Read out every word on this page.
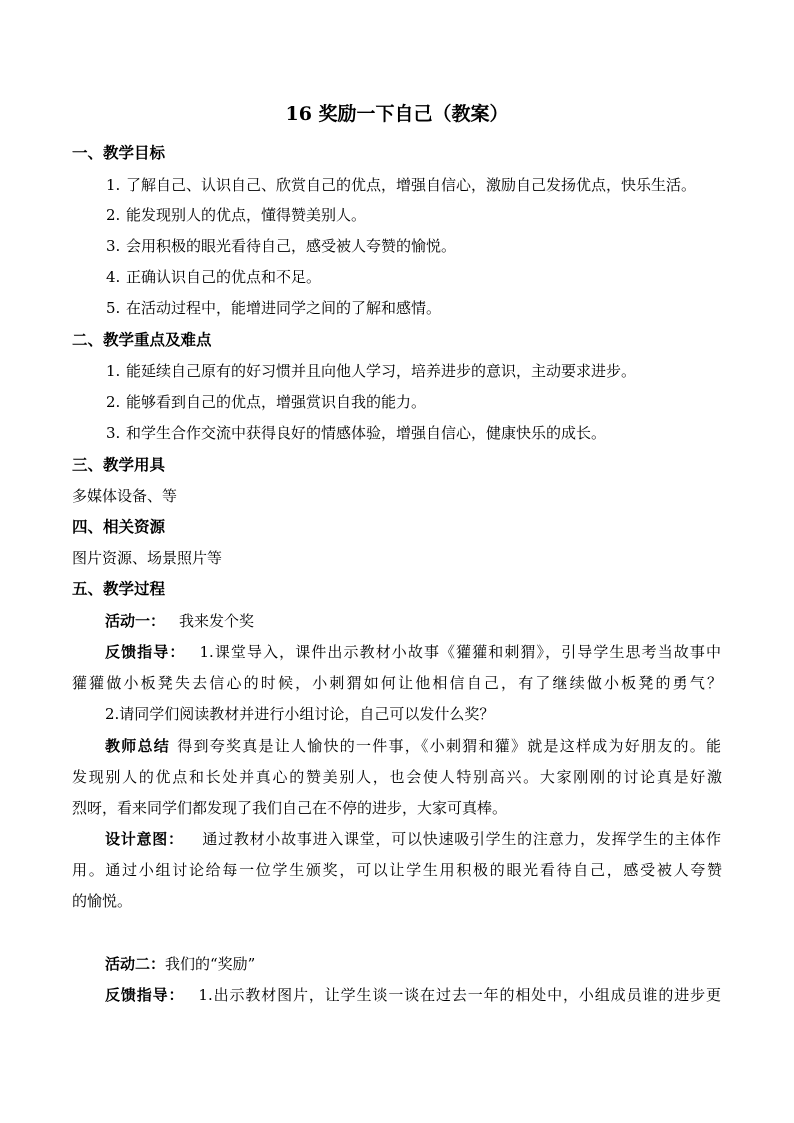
16 奖励一下自己（教案）
一、教学目标
1. 了解自己、认识自己、欣赏自己的优点，增强自信心，激励自己发扬优点，快乐生活。
2. 能发现别人的优点，懂得赞美别人。
3. 会用积极的眼光看待自己，感受被人夸赞的愉悦。
4. 正确认识自己的优点和不足。
5. 在活动过程中，能增进同学之间的了解和感情。
二、教学重点及难点
1. 能延续自己原有的好习惯并且向他人学习，培养进步的意识，主动要求进步。
2. 能够看到自己的优点，增强赏识自我的能力。
3. 和学生合作交流中获得良好的情感体验，增强自信心，健康快乐的成长。
三、教学用具
多媒体设备、等
四、相关资源
图片资源、场景照片等
五、教学过程
活动一： 我来发个奖
反馈指导： 1.课堂导入，课件出示教材小故事《獾獾和刺猬》，引导学生思考当故事中
獾獾做小板凳失去信心的时候，小刺猬如何让他相信自己，有了继续做小板凳的勇气？
2.请同学们阅读教材并进行小组讨论，自己可以发什么奖？
教师总结 得到夸奖真是让人愉快的一件事，《小刺猬和獾》就是这样成为好朋友的。能
发现别人的优点和长处并真心的赞美别人，也会使人特别高兴。大家刚刚的讨论真是好激
烈呀，看来同学们都发现了我们自己在不停的进步，大家可真棒。
设计意图： 通过教材小故事进入课堂，可以快速吸引学生的注意力，发挥学生的主体作
用。通过小组讨论给每一位学生颁奖，可以让学生用积极的眼光看待自己，感受被人夸赞
的愉悦。
活动二：我们的“奖励”
反馈指导： 1.出示教材图片，让学生谈一谈在过去一年的相处中，小组成员谁的进步更
